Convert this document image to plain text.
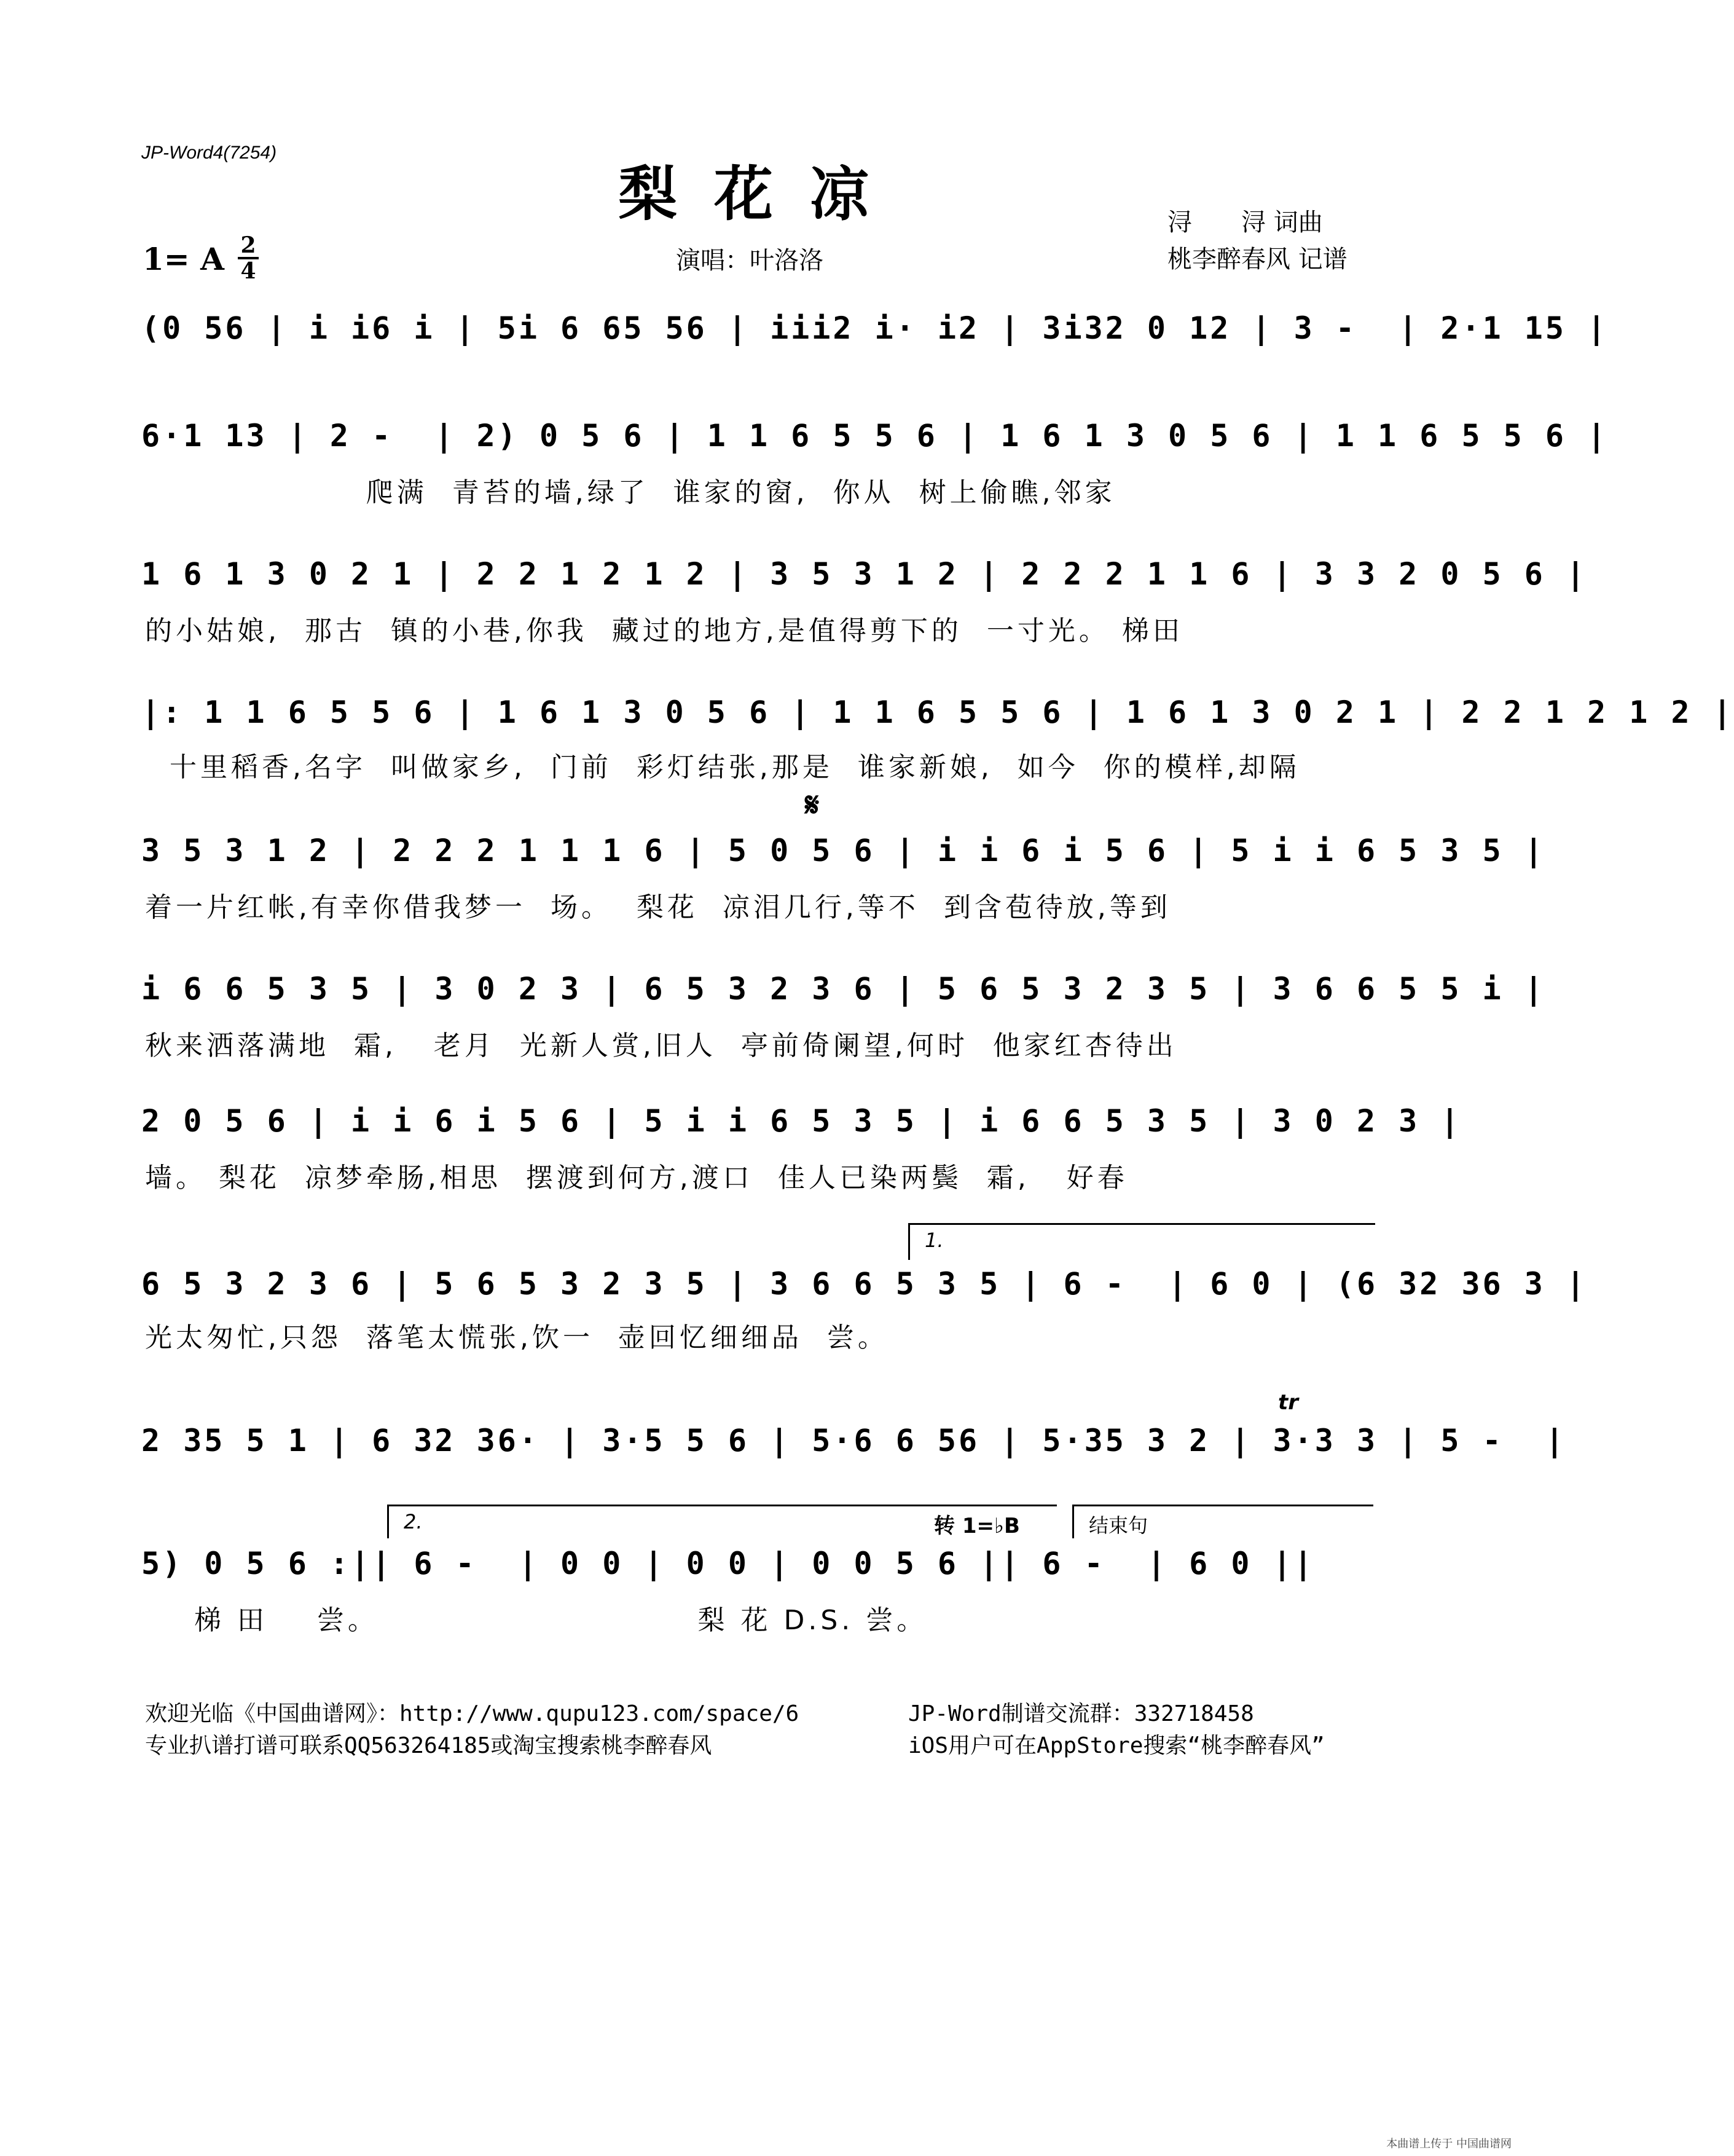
JP-Word4(7254)
梨花凉	浔　　浔 词曲
桃李醉春风 记谱
1= A 2
4	演唱：叶洛洛
(0 56 | i i6 i | 5i 6 65 56 | iii2 i· i2 | 3i32 0 12 | 3 -  | 2·1 15 |
6·1 13 | 2 -  | 2) 0 5 6 | 1 1 6 5 5 6 | 1 6 1 3 0 5 6 | 1 1 6 5 5 6 |
爬满  青苔的墙,绿了  谁家的窗,  你从  树上偷瞧,邻家
1 6 1 3 0 2 1 | 2 2 1 2 1 2 | 3 5 3 1 2 | 2 2 2 1 1 6 | 3 3 2 0 5 6 |
的小姑娘,  那古  镇的小巷,你我  藏过的地方,是值得剪下的  一寸光。 梯田
|: 1 1 6 5 5 6 | 1 6 1 3 0 5 6 | 1 1 6 5 5 6 | 1 6 1 3 0 2 1 | 2 2 1 2 1 2 |
十里稻香,名字  叫做家乡,  门前  彩灯结张,那是  谁家新娘,  如今  你的模样,却隔
𝄋
3 5 3 1 2 | 2 2 2 1 1 1 6 | 5 0 5 6 | i i 6 i 5 6 | 5 i i 6 5 3 5 |
着一片红帐,有幸你借我梦一  场。  梨花  凉泪几行,等不  到含苞待放,等到
i 6 6 5 3 5 | 3 0 2 3 | 6 5 3 2 3 6 | 5 6 5 3 2 3 5 | 3 6 6 5 5 i |
秋来洒落满地  霜,   老月  光新人赏,旧人  亭前倚阑望,何时  他家红杏待出
2 0 5 6 | i i 6 i 5 6 | 5 i i 6 5 3 5 | i 6 6 5 3 5 | 3 0 2 3 |
墙。 梨花  凉梦牵肠,相思  摆渡到何方,渡口  佳人已染两鬓  霜,   好春
1.
6 5 3 2 3 6 | 5 6 5 3 2 3 5 | 3 6 6 5 3 5 | 6 -  | 6 0 | (6 32 36 3 |
光太匆忙,只怨  落笔太慌张,饮一  壶回忆细细品  尝。
tr
2 35 5 1 | 6 32 36· | 3·5 5 6 | 5·6 6 56 | 5·35 3 2 | 3·3 3 | 5 -  |
2.	转 1=♭B	结束句
5) 0 5 6 :|| 6 -  | 0 0 | 0 0 | 0 0 5 6 || 6 -  | 6 0 ||
梯 田    尝。                          梨 花 D.S. 尝。
欢迎光临《中国曲谱网》：http://www.qupu123.com/space/6
专业扒谱打谱可联系QQ563264185或淘宝搜索桃李醉春风
JP-Word制谱交流群：332718458
iOS用户可在AppStore搜索“桃李醉春风”
本曲谱上传于 中国曲谱网
